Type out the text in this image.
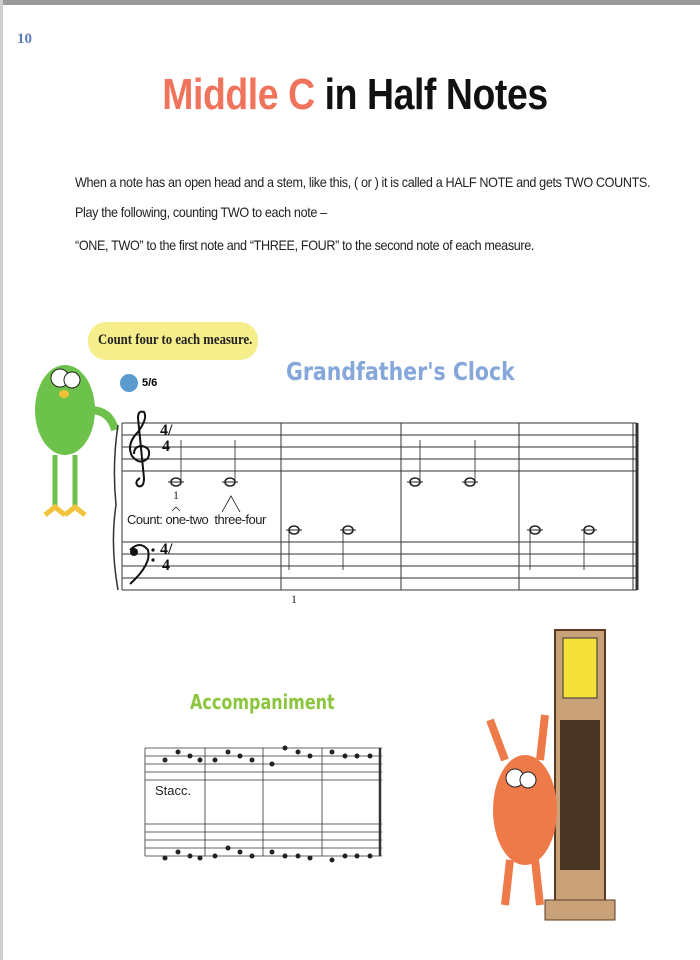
10
Middle C in Half Notes
When a note has an open head and a stem, like this, ( or ) it is called a HALF NOTE and gets TWO COUNTS.
Play the following, counting TWO to each note –
“ONE, TWO” to the first note and “THREE, FOUR” to the second note of each measure.
Count four to each measure.
Grandfather's Clock
5/6
Count: one-two three-four
Accompaniment
Stacc.
4/4
4/4
1
1
